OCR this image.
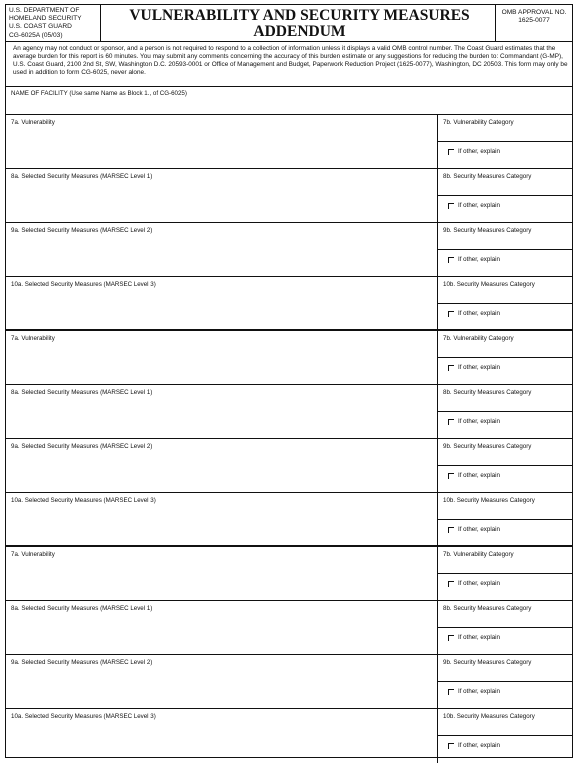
U.S. DEPARTMENT OF
HOMELAND SECURITY
U.S. COAST GUARD
CG-6025A (05/03)
VULNERABILITY AND SECURITY MEASURES
ADDENDUM
OMB APPROVAL NO.
1625-0077
An agency may not conduct or sponsor, and a person is not required to respond to a collection of information unless it displays a valid OMB control number. The Coast Guard estimates that the average burden for this report is 60 minutes. You may submit any comments concerning the accuracy of this burden estimate or any suggestions for reducing the burden to: Commandant (G-MP), U.S. Coast Guard, 2100 2nd St, SW, Washington D.C. 20593-0001 or Office of Management and Budget, Paperwork Reduction Project (1625-0077), Washington, DC 20503. This form may only be used in addition to form CG-6025, never alone.
NAME OF FACILITY (Use same Name as Block 1., of CG-6025)
7a. Vulnerability	7b. Vulnerability Category
If other, explain
8a. Selected Security Measures (MARSEC Level 1)	8b. Security Measures Category
If other, explain
9a. Selected Security Measures (MARSEC Level 2)	9b. Security Measures Category
If other, explain
10a. Selected Security Measures (MARSEC Level 3)	10b. Security Measures Category
If other, explain
7a. Vulnerability	7b. Vulnerability Category
If other, explain
8a. Selected Security Measures (MARSEC Level 1)	8b. Security Measures Category
If other, explain
9a. Selected Security Measures (MARSEC Level 2)	9b. Security Measures Category
If other, explain
10a. Selected Security Measures (MARSEC Level 3)	10b. Security Measures Category
If other, explain
7a. Vulnerability	7b. Vulnerability Category
If other, explain
8a. Selected Security Measures (MARSEC Level 1)	8b. Security Measures Category
If other, explain
9a. Selected Security Measures (MARSEC Level 2)	9b. Security Measures Category
If other, explain
10a. Selected Security Measures (MARSEC Level 3)	10b. Security Measures Category
If other, explain
